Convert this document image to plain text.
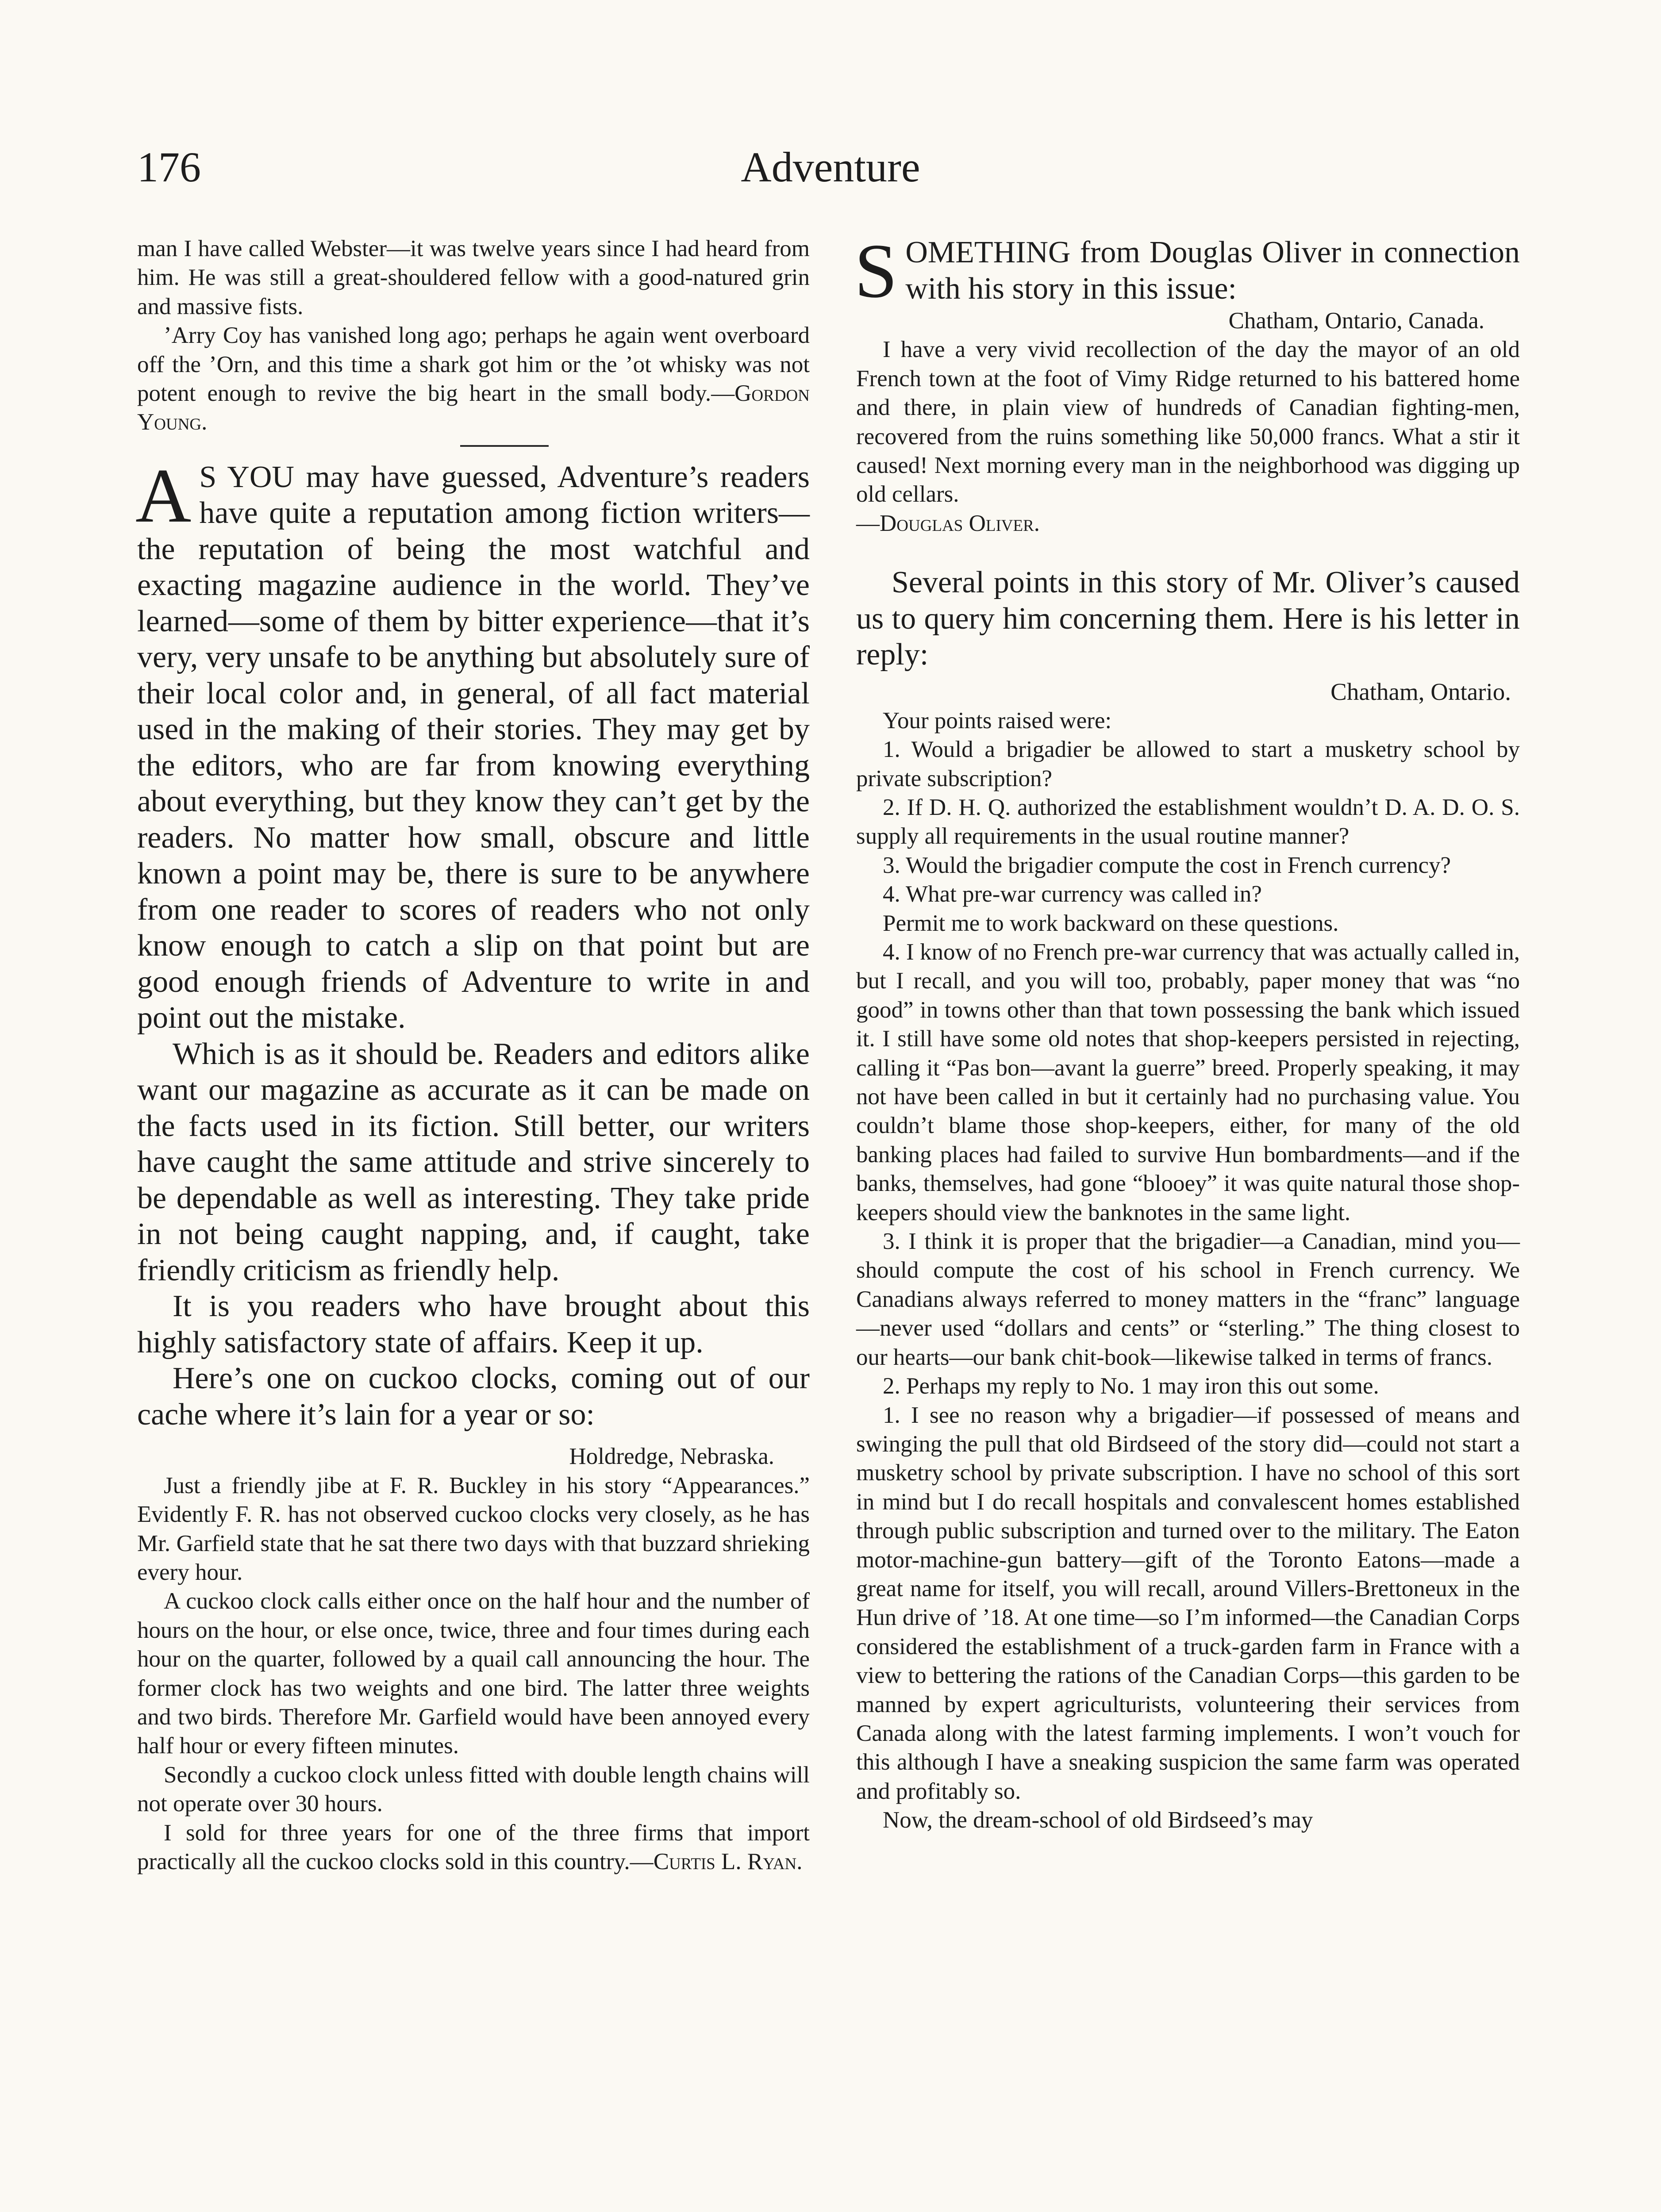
176	Adventure

man I have called Webster—it was twelve years since I had heard from him. He was still a great-shouldered fellow with a good-natured grin and massive fists.

’Arry Coy has vanished long ago; perhaps he again went overboard off the ’Orn, and this time a shark got him or the ’ot whisky was not potent enough to revive the big heart in the small body.—Gordon Young.

A S YOU may have guessed, Adventure’s readers have quite a reputation among fiction writers—the reputation of being the most watchful and exacting magazine audience in the world. They’ve learned—some of them by bitter experience—that it’s very, very unsafe to be anything but absolutely sure of their local color and, in general, of all fact material used in the making of their stories. They may get by the editors, who are far from knowing everything about everything, but they know they can’t get by the readers. No matter how small, obscure and little known a point may be, there is sure to be anywhere from one reader to scores of readers who not only know enough to catch a slip on that point but are good enough friends of Adventure to write in and point out the mistake.

Which is as it should be. Readers and editors alike want our magazine as accurate as it can be made on the facts used in its fiction. Still better, our writers have caught the same attitude and strive sincerely to be dependable as well as interesting. They take pride in not being caught napping, and, if caught, take friendly criticism as friendly help.

It is you readers who have brought about this highly satisfactory state of affairs. Keep it up.

Here’s one on cuckoo clocks, coming out of our cache where it’s lain for a year or so:

Holdredge, Nebraska.

Just a friendly jibe at F. R. Buckley in his story “Appearances.” Evidently F. R. has not observed cuckoo clocks very closely, as he has Mr. Garfield state that he sat there two days with that buzzard shrieking every hour.

A cuckoo clock calls either once on the half hour and the number of hours on the hour, or else once, twice, three and four times during each hour on the quarter, followed by a quail call announcing the hour. The former clock has two weights and one bird. The latter three weights and two birds. Therefore Mr. Garfield would have been annoyed every half hour or every fifteen minutes.

Secondly a cuckoo clock unless fitted with double length chains will not operate over 30 hours.

I sold for three years for one of the three firms that import practically all the cuckoo clocks sold in this country.—Curtis L. Ryan.

SOMETHING from Douglas Oliver in connection with his story in this issue:

Chatham, Ontario, Canada.

I have a very vivid recollection of the day the mayor of an old French town at the foot of Vimy Ridge returned to his battered home and there, in plain view of hundreds of Canadian fighting-men, recovered from the ruins something like 50,000 francs. What a stir it caused! Next morning every man in the neighborhood was digging up old cellars.

—Douglas Oliver.

Several points in this story of Mr. Oliver’s caused us to query him concerning them. Here is his letter in reply:

Chatham, Ontario.

Your points raised were:

1. Would a brigadier be allowed to start a musketry school by private subscription?

2. If D. H. Q. authorized the establishment wouldn’t D. A. D. O. S. supply all requirements in the usual routine manner?

3. Would the brigadier compute the cost in French currency?

4. What pre-war currency was called in?

Permit me to work backward on these questions.

4. I know of no French pre-war currency that was actually called in, but I recall, and you will too, probably, paper money that was “no good” in towns other than that town possessing the bank which issued it. I still have some old notes that shop-keepers persisted in rejecting, calling it “Pas bon—avant la guerre” breed. Properly speaking, it may not have been called in but it certainly had no purchasing value. You couldn’t blame those shop-keepers, either, for many of the old banking places had failed to survive Hun bombardments—and if the banks, themselves, had gone “blooey” it was quite natural those shop-keepers should view the banknotes in the same light.

3. I think it is proper that the brigadier—a Canadian, mind you—should compute the cost of his school in French currency. We Canadians always referred to money matters in the “franc” language—never used “dollars and cents” or “sterling.” The thing closest to our hearts—our bank chit-book—likewise talked in terms of francs.

2. Perhaps my reply to No. 1 may iron this out some.

1. I see no reason why a brigadier—if possessed of means and swinging the pull that old Birdseed of the story did—could not start a musketry school by private subscription. I have no school of this sort in mind but I do recall hospitals and convalescent homes established through public subscription and turned over to the military. The Eaton motor-machine-gun battery—gift of the Toronto Eatons—made a great name for itself, you will recall, around Villers-Brettoneux in the Hun drive of ’18. At one time—so I’m informed—the Canadian Corps considered the establishment of a truck-garden farm in France with a view to bettering the rations of the Canadian Corps—this garden to be manned by expert agriculturists, volunteering their services from Canada along with the latest farming implements. I won’t vouch for this although I have a sneaking suspicion the same farm was operated and profitably so.

Now, the dream-school of old Birdseed’s may
